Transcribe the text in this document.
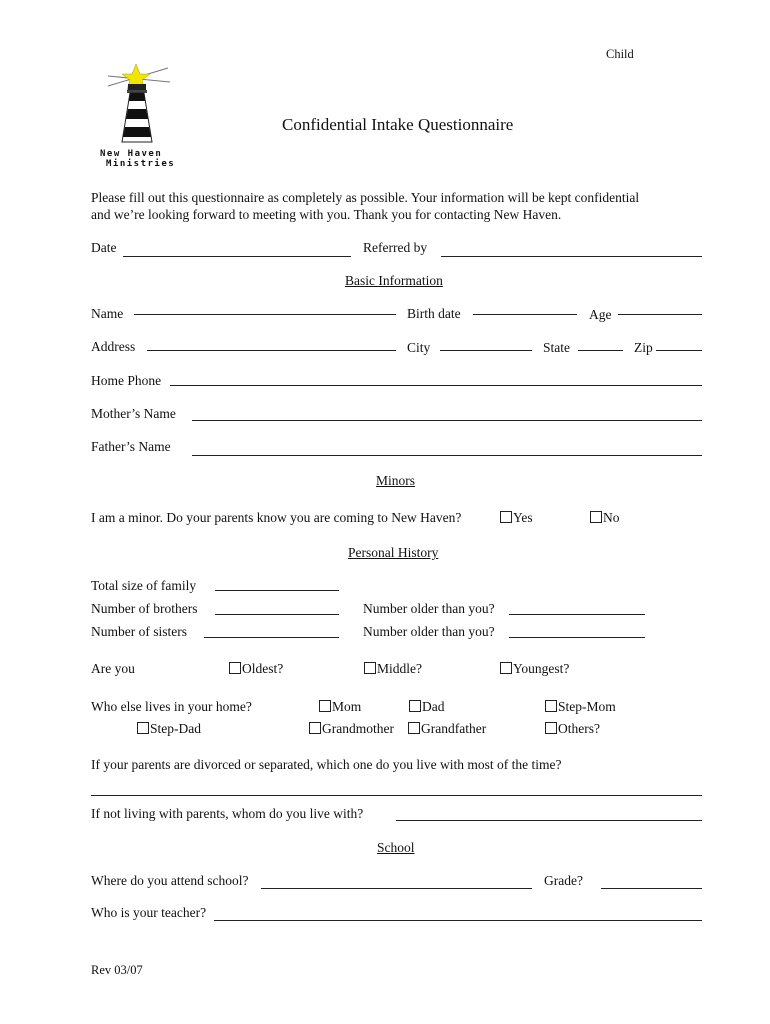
Child
New Haven
Ministries
Confidential Intake Questionnaire
Please fill out this questionnaire as completely as possible. Your information will be kept confidential
and we’re looking forward to meeting with you. Thank you for contacting New Haven.
Date	Referred by
Basic Information
Name	Birth date	Age
Address	City	State	Zip
Home Phone
Mother’s Name
Father’s Name
Minors
I am a minor. Do your parents know you are coming to New Haven?	Yes	No
Personal History
Total size of family
Number of brothers	Number older than you?
Number of sisters	Number older than you?
Are you	Oldest?	Middle?	Youngest?
Who else lives in your home?	Mom	Dad	Step-Mom
Step-Dad	Grandmother	Grandfather	Others?
If your parents are divorced or separated, which one do you live with most of the time?
If not living with parents, whom do you live with?
School
Where do you attend school?	Grade?
Who is your teacher?
Rev 03/07
